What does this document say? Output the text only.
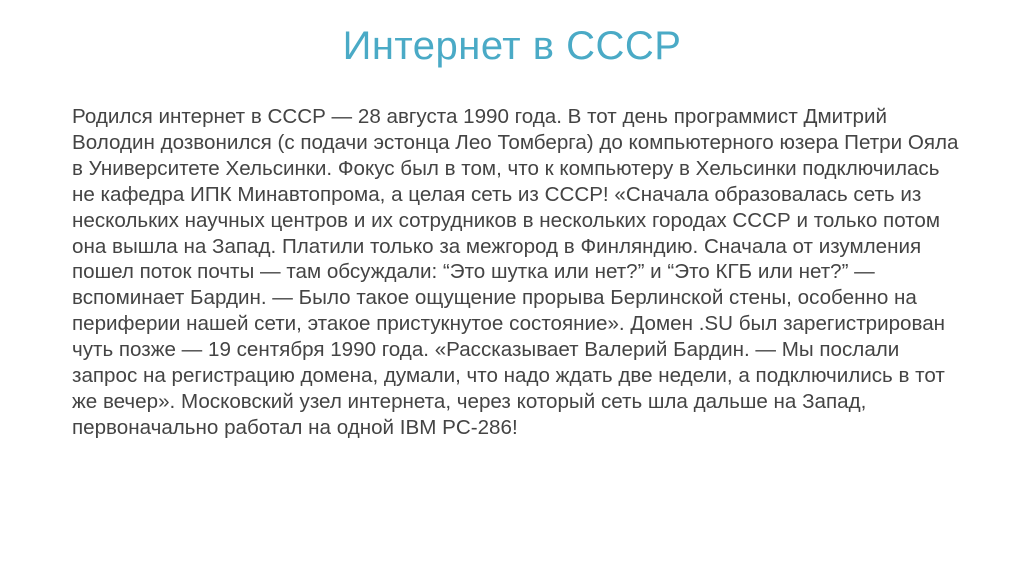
Интернет в СССР

Родился интернет в СССР — 28 августа 1990 года. В тот день программист Дмитрий Володин дозвонился (с подачи эстонца Лео Томберга) до компьютерного юзера Петри Ояла в Университете Хельсинки. Фокус был в том, что к компьютеру в Хельсинки подключилась не кафедра ИПК Минавтопрома, а целая сеть из СССР! «Сначала образовалась сеть из нескольких научных центров и их сотрудников в нескольких городах СССР и только потом она вышла на Запад. Платили только за межгород в Финляндию. Сначала от изумления пошел поток почты — там обсуждали: “Это шутка или нет?” и “Это КГБ или нет?” — вспоминает Бардин. — Было такое ощущение прорыва Берлинской стены, особенно на периферии нашей сети, этакое пристукнутое состояние». Домен .SU был зарегистрирован чуть позже — 19 сентября 1990 года. «Рассказывает Валерий Бардин. — Мы послали запрос на регистрацию домена, думали, что надо ждать две недели, а подключились в тот же вечер». Московский узел интернета, через который сеть шла дальше на Запад, первоначально работал на одной IBM PC-286!
